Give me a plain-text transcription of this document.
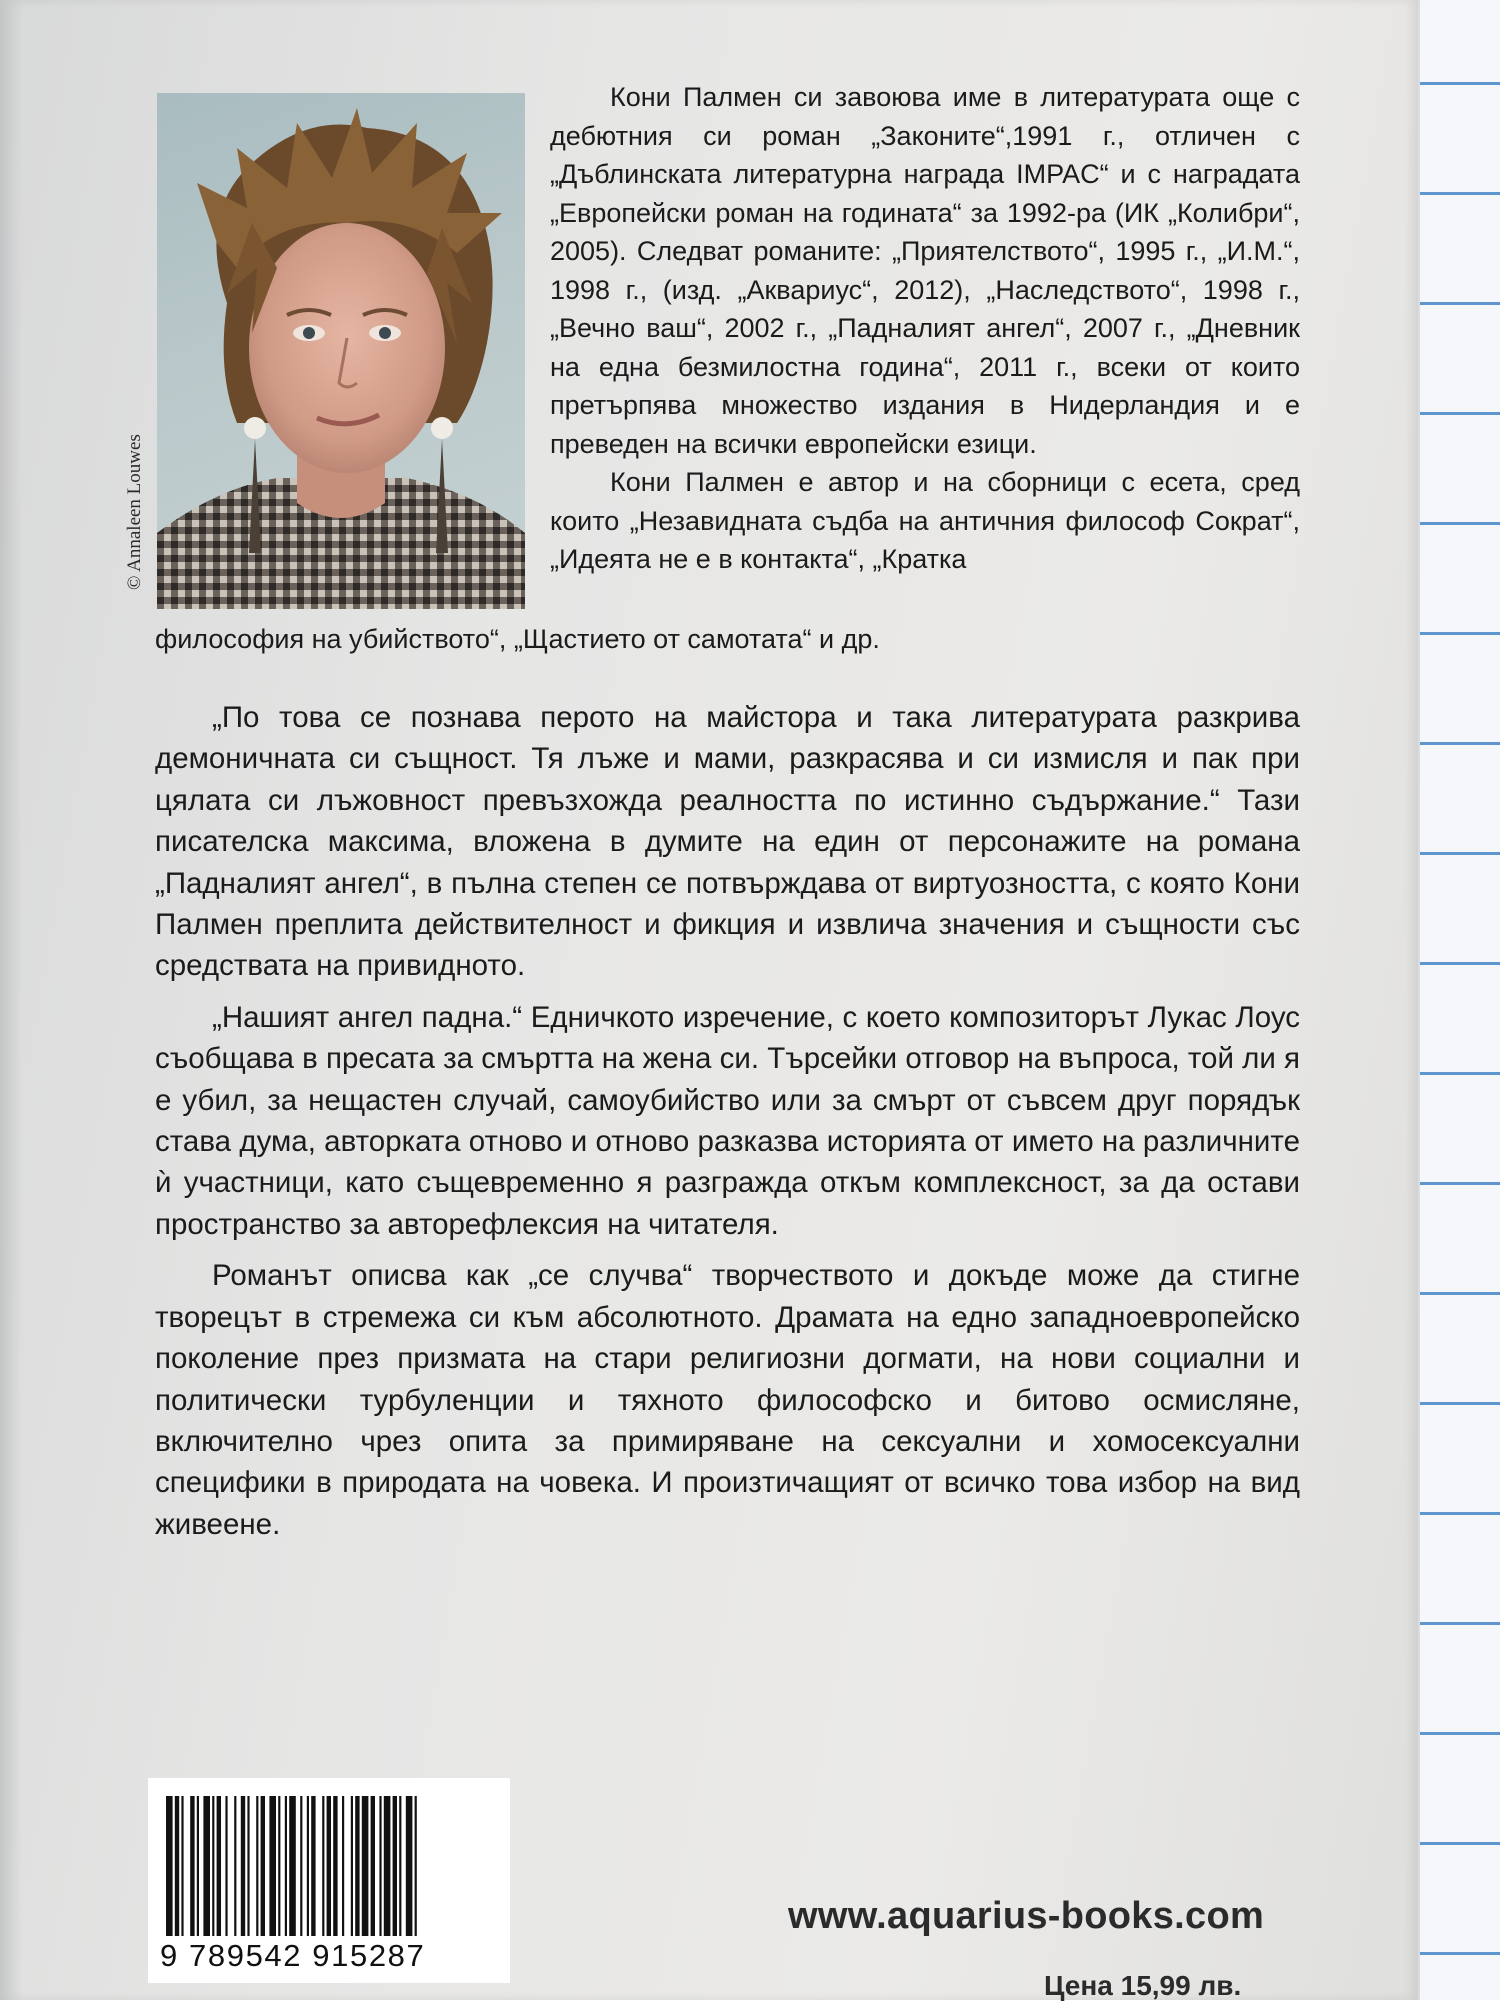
© Annaleen Louwes

Кони Палмен си завоюва име в литературата още с дебютния си роман „Законите“,1991 г., отличен с „Дъблинската литературна награда IMPAC“ и с наградата „Европейски роман на годината“ за 1992-ра (ИК „Колибри“, 2005). Следват романите: „Приятелството“, 1995 г., „И.М.“, 1998 г., (изд. „Аквариус“, 2012), „Наследството“, 1998 г., „Вечно ваш“, 2002 г., „Падналият ангел“, 2007 г., „Дневник на една безмилостна година“, 2011 г., всеки от които претърпява множество издания в Нидерландия и е преведен на всички европейски езици.

Кони Палмен е автор и на сборници с есета, сред които „Незавидната съдба на античния философ Сократ“, „Идеята не е в контакта“, „Кратка

философия на убийството“, „Щастието от самотата“ и др.

„По това се познава перото на майстора и така литературата разкрива демоничната си същност. Тя лъже и мами, разкрасява и си измисля и пак при цялата си лъжовност превъзхожда реалността по истинно съдържание.“ Тази писателска максима, вложена в думите на един от персонажите на романа „Падналият ангел“, в пълна степен се потвърждава от виртуозността, с която Кони Палмен преплита действителност и фикция и извлича значения и същности със средствата на привидното.

„Нашият ангел падна.“ Едничкото изречение, с което композиторът Лукас Лоус съобщава в пресата за смъртта на жена си. Търсейки отговор на въпроса, той ли я е убил, за нещастен случай, самоубийство или за смърт от съвсем друг порядък става дума, авторката отново и отново разказва историята от името на различните ѝ участници, като същевременно я разгражда откъм комплексност, за да остави пространство за авторефлексия на читателя.

Романът описва как „се случва“ творчеството и докъде може да стигне творецът в стремежа си към абсолютното. Драмата на едно западноевропейско поколение през призмата на стари религиозни догмати, на нови социални и политически турбуленции и тяхното философско и битово осмисляне, включително чрез опита за примиряване на сексуални и хомосексуални специфики в природата на човека. И произтичащият от всичко това избор на вид живеене.

9 789542 915287
www.aquarius-books.com
Цена 15,99 лв.
